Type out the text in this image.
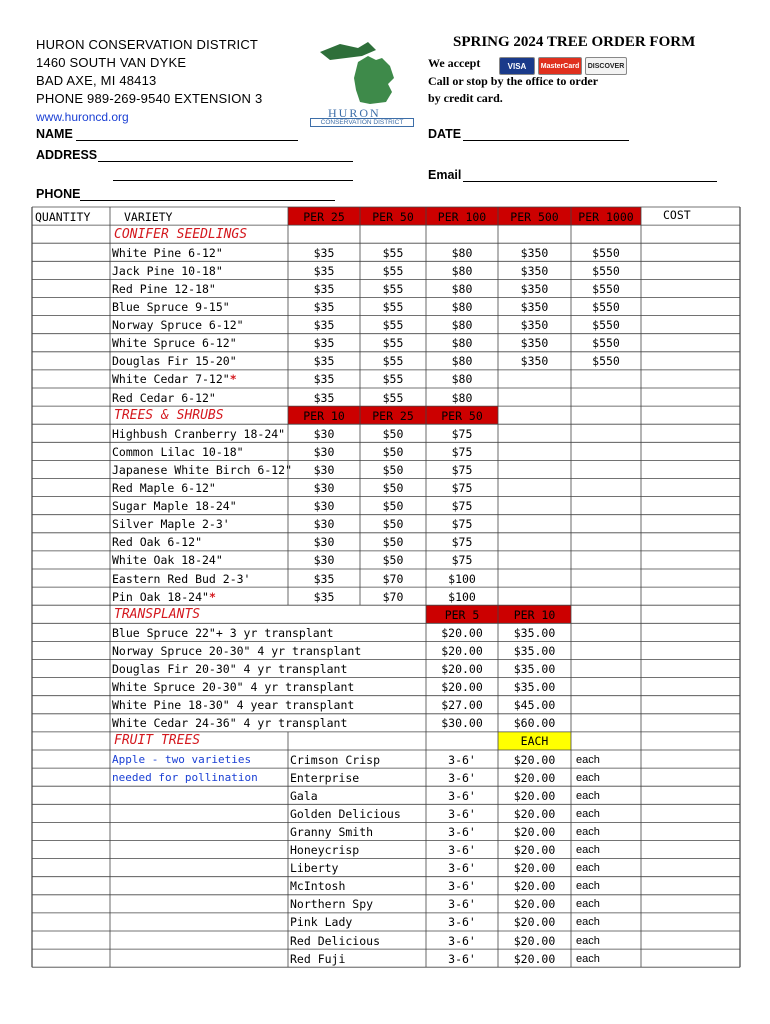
HURON CONSERVATION DISTRICT
1460 SOUTH VAN DYKE
BAD AXE, MI 48413
PHONE 989-269-9540 EXTENSION 3
www.huroncd.org	HURON
CONSERVATION DISTRICT
SPRING 2024 TREE ORDER FORM
We accept	VISA	MasterCard	DISCOVER
Call or stop by the office to order
by credit card.
NAME	DATE
ADDRESS
Email
PHONE
QUANTITY	VARIETY	PER 25	PER 50	PER 100	PER 500	PER 1000	COST
CONIFER SEEDLINGS
White Pine 6-12"	$35	$55	$80	$350	$550
Jack Pine 10-18"	$35	$55	$80	$350	$550
Red Pine 12-18"	$35	$55	$80	$350	$550
Blue Spruce 9-15"	$35	$55	$80	$350	$550
Norway Spruce 6-12"	$35	$55	$80	$350	$550
White Spruce 6-12"	$35	$55	$80	$350	$550
Douglas Fir 15-20"	$35	$55	$80	$350	$550
White Cedar 7-12"*	$35	$55	$80
Red Cedar 6-12"	$35	$55	$80
TREES & SHRUBS	PER 10	PER 25	PER 50
Highbush Cranberry 18-24"	$30	$50	$75
Common Lilac 10-18"	$30	$50	$75
Japanese White Birch 6-12"	$30	$50	$75
Red Maple 6-12"	$30	$50	$75
Sugar Maple 18-24"	$30	$50	$75
Silver Maple 2-3'	$30	$50	$75
Red Oak 6-12"	$30	$50	$75
White Oak 18-24"	$30	$50	$75
Eastern Red Bud 2-3'	$35	$70	$100
Pin Oak 18-24"*	$35	$70	$100
TRANSPLANTS	PER 5	PER 10
Blue Spruce 22"+ 3 yr transplant	$20.00	$35.00
Norway Spruce 20-30" 4 yr transplant	$20.00	$35.00
Douglas Fir 20-30" 4 yr transplant	$20.00	$35.00
White Spruce 20-30" 4 yr transplant	$20.00	$35.00
White Pine 18-30" 4 year transplant	$27.00	$45.00
White Cedar 24-36" 4 yr transplant	$30.00	$60.00
FRUIT TREES	EACH
Apple - two varieties
needed for pollination
Crimson Crisp	3-6'	$20.00	each
Enterprise	3-6'	$20.00	each
Gala	3-6'	$20.00	each
Golden Delicious	3-6'	$20.00	each
Granny Smith	3-6'	$20.00	each
Honeycrisp	3-6'	$20.00	each
Liberty	3-6'	$20.00	each
McIntosh	3-6'	$20.00	each
Northern Spy	3-6'	$20.00	each
Pink Lady	3-6'	$20.00	each
Red Delicious	3-6'	$20.00	each
Red Fuji	3-6'	$20.00	each
